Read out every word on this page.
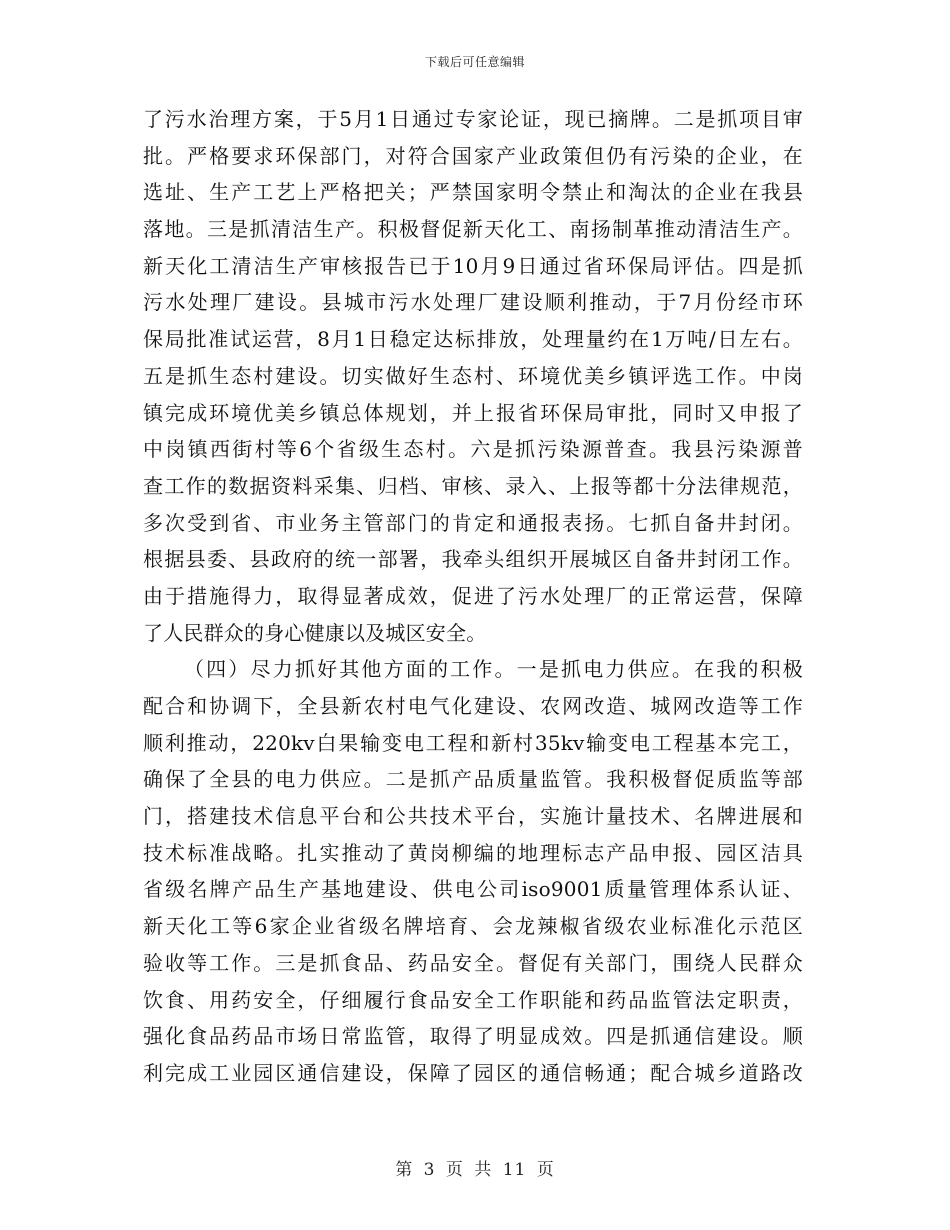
下载后可任意编辑
了污水治理方案，于5月1日通过专家论证，现已摘牌。二是抓项目审
批。严格要求环保部门，对符合国家产业政策但仍有污染的企业，在
选址、生产工艺上严格把关；严禁国家明令禁止和淘汰的企业在我县
落地。三是抓清洁生产。积极督促新天化工、南扬制革推动清洁生产。
新天化工清洁生产审核报告已于10月9日通过省环保局评估。四是抓
污水处理厂建设。县城市污水处理厂建设顺利推动，于7月份经市环
保局批准试运营，8月1日稳定达标排放，处理量约在1万吨/日左右。
五是抓生态村建设。切实做好生态村、环境优美乡镇评选工作。中岗
镇完成环境优美乡镇总体规划，并上报省环保局审批，同时又申报了
中岗镇西街村等6个省级生态村。六是抓污染源普查。我县污染源普
查工作的数据资料采集、归档、审核、录入、上报等都十分法律规范，
多次受到省、市业务主管部门的肯定和通报表扬。七抓自备井封闭。
根据县委、县政府的统一部署，我牵头组织开展城区自备井封闭工作。
由于措施得力，取得显著成效，促进了污水处理厂的正常运营，保障
了人民群众的身心健康以及城区安全。
（四）尽力抓好其他方面的工作。一是抓电力供应。在我的积极
配合和协调下，全县新农村电气化建设、农网改造、城网改造等工作
顺利推动，220kv白果输变电工程和新村35kv输变电工程基本完工，
确保了全县的电力供应。二是抓产品质量监管。我积极督促质监等部
门，搭建技术信息平台和公共技术平台，实施计量技术、名牌进展和
技术标准战略。扎实推动了黄岗柳编的地理标志产品申报、园区洁具
省级名牌产品生产基地建设、供电公司iso9001质量管理体系认证、
新天化工等6家企业省级名牌培育、会龙辣椒省级农业标准化示范区
验收等工作。三是抓食品、药品安全。督促有关部门，围绕人民群众
饮食、用药安全，仔细履行食品安全工作职能和药品监管法定职责，
强化食品药品市场日常监管，取得了明显成效。四是抓通信建设。顺
利完成工业园区通信建设，保障了园区的通信畅通；配合城乡道路改
第 3 页 共 11 页
